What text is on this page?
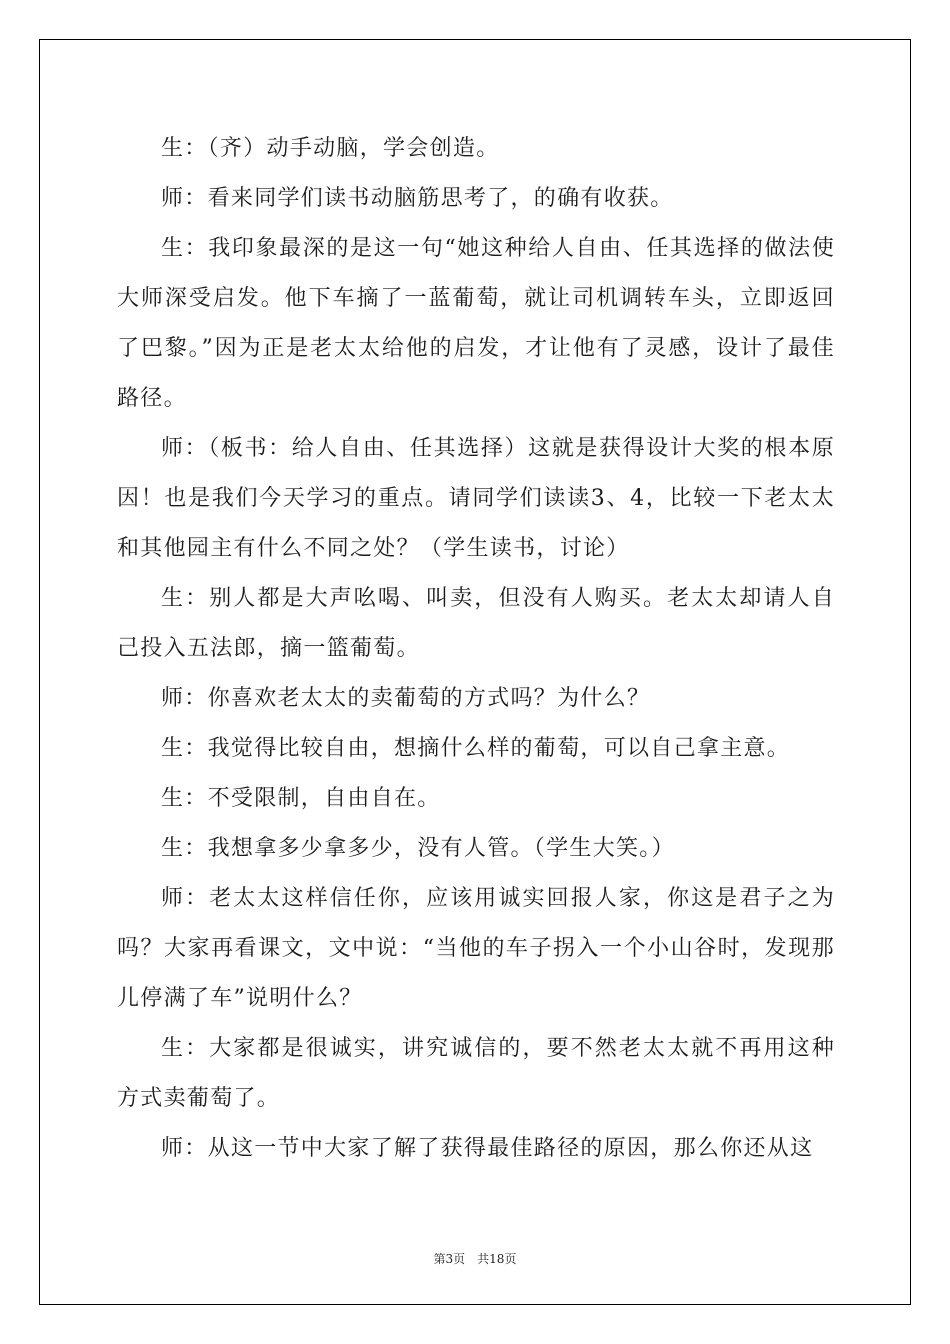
生：（齐）动手动脑，学会创造。

师：看来同学们读书动脑筋思考了，的确有收获。

生：我印象最深的是这一句“她这种给人自由、任其选择的做法使大师深受启发。他下车摘了一蓝葡萄，就让司机调转车头，立即返回了巴黎。”因为正是老太太给他的启发，才让他有了灵感，设计了最佳路径。

师：（板书：给人自由、任其选择）这就是获得设计大奖的根本原因！也是我们今天学习的重点。请同学们读读3、4，比较一下老太太和其他园主有什么不同之处？（学生读书，讨论）

生：别人都是大声吆喝、叫卖，但没有人购买。老太太却请人自己投入五法郎，摘一篮葡萄。

师：你喜欢老太太的卖葡萄的方式吗？为什么？

生：我觉得比较自由，想摘什么样的葡萄，可以自己拿主意。

生：不受限制，自由自在。

生：我想拿多少拿多少，没有人管。（学生大笑。）

师：老太太这样信任你，应该用诚实回报人家，你这是君子之为吗？大家再看课文，文中说：“当他的车子拐入一个小山谷时，发现那儿停满了车”说明什么？

生：大家都是很诚实，讲究诚信的，要不然老太太就不再用这种方式卖葡萄了。

师：从这一节中大家了解了获得最佳路径的原因，那么你还从这

第3页 共18页
